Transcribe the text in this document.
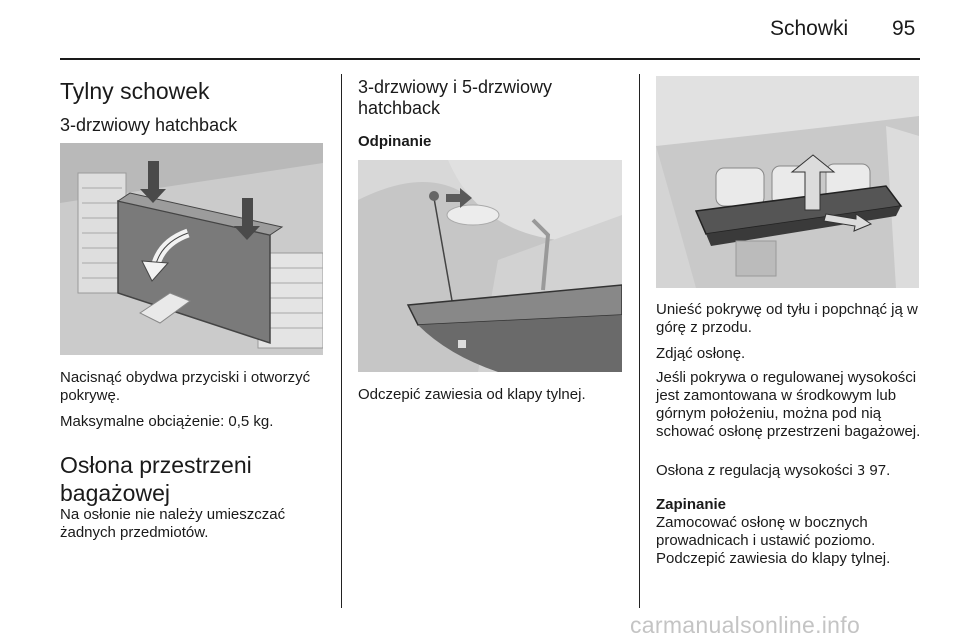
Schowki 95
Tylny schowek
3-drzwiowy hatchback
Nacisnąć obydwa przyciski i otworzyć pokrywę.
Maksymalne obciążenie: 0,5 kg.
Osłona przestrzeni bagażowej
Na osłonie nie należy umieszczać żadnych przedmiotów.
3-drzwiowy i 5-drzwiowy hatchback
Odpinanie
Odczepić zawiesia od klapy tylnej.
Unieść pokrywę od tyłu i popchnąć ją w górę z przodu.
Zdjąć osłonę.
Jeśli pokrywa o regulowanej wysokości jest zamontowana w środkowym lub górnym położeniu, można pod nią schować osłonę przestrzeni bagażowej.
Osłona z regulacją wysokości 3 97.
Zapinanie
Zamocować osłonę w bocznych prowadnicach i ustawić poziomo. Podczepić zawiesia do klapy tylnej.
carmanualsonline.info
